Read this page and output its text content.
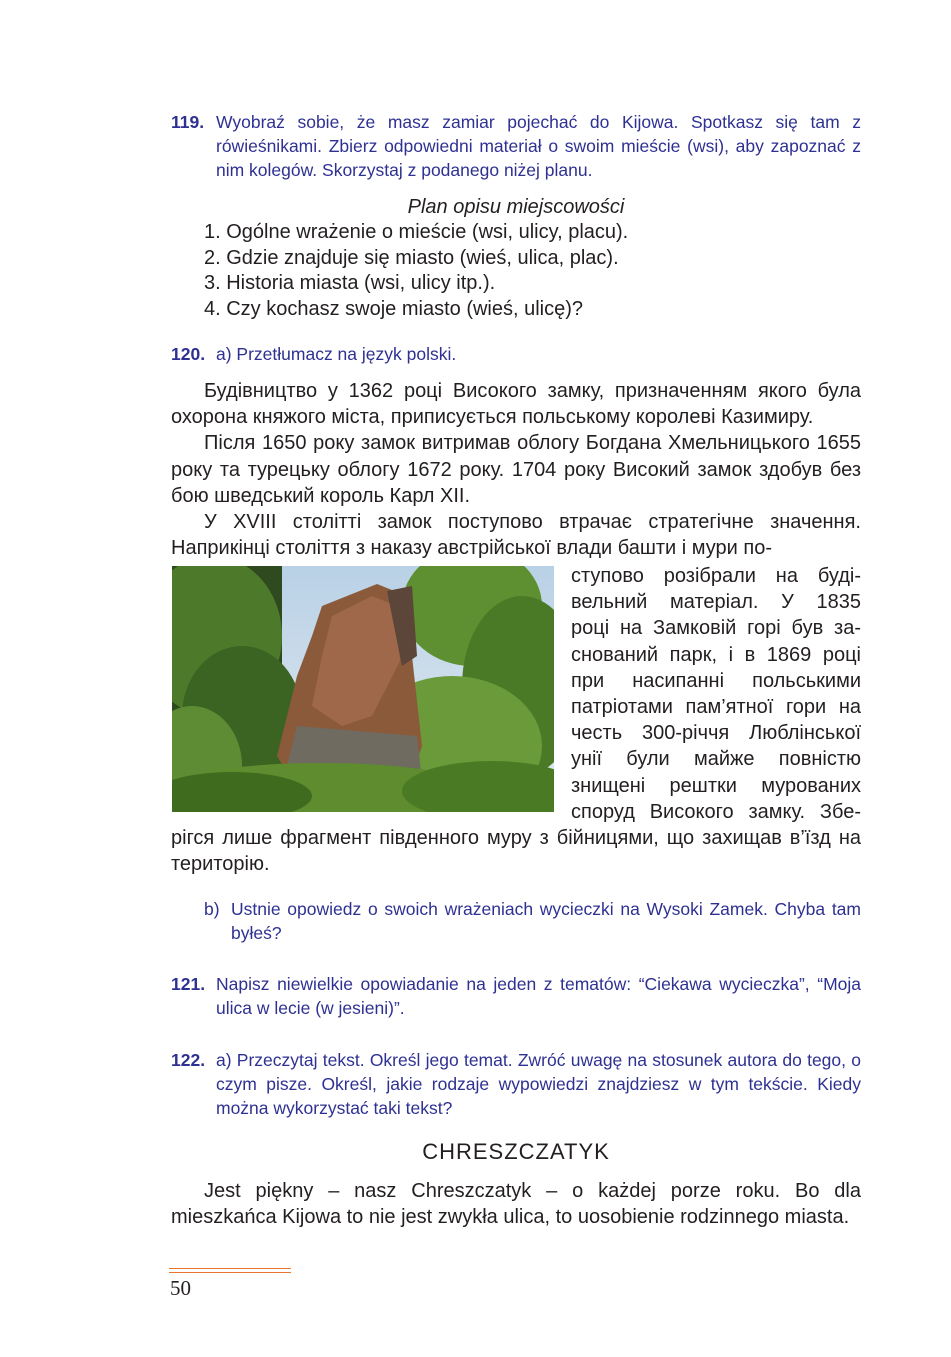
119. Wyobraź sobie, że masz zamiar pojechać do Kijowa. Spotkasz się tam z rówieśnikami. Zbierz odpowiedni materiał o swoim mieście (wsi), aby zapoznać z nim kolegów. Skorzystaj z podanego niżej planu.
Plan opisu miejscowości
1. Ogólne wrażenie o mieście (wsi, ulicy, placu).
2. Gdzie znajduje się miasto (wieś, ulica, plac).
3. Historia miasta (wsi, ulicy itp.).
4. Czy kochasz swoje miasto (wieś, ulicę)?
120. a) Przetłumacz na język polski.

Будівництво у 1362 році Високого замку, призначенням якого була охорона княжого міста, приписується польському королеві Казимиру.

Після 1650 року замок витримав облогу Богдана Хмельницького 1655 року та турецьку облогу 1672 року. 1704 року Високий замок здобув без бою шведський король Карл ХІІ.

У XVIII столітті замок поступово втрачає стратегічне значення. Наприкінці століття з наказу австрійської влади башти і мури по-

ступово розібрали на буді-
вельний матеріал. У 1835
році на Замковій горі був за-
снований парк, і в 1869 році
при насипанні польськими
патріотами пам’ятної гори на
честь 300-річчя Люблінської
унії були майже повністю
знищені рештки мурованих
споруд Високого замку. Збе-

рігся лише фрагмент південного муру з бійницями, що захищав в’їзд на територію.

b) Ustnie opowiedz o swoich wrażeniach wycieczki na Wysoki Zamek. Chyba tam byłeś?
121. Napisz niewielkie opowiadanie na jeden z tematów: “Ciekawa wycieczka”, “Moja ulica w lecie (w jesieni)”.
122. a) Przeczytaj tekst. Określ jego temat. Zwróć uwagę na stosunek autora do tego, o czym pisze. Określ, jakie rodzaje wypowiedzi znajdziesz w tym tekście. Kiedy można wykorzystać taki tekst?
CHRESZCZATYK

Jest piękny – nasz Chreszczatyk – o każdej porze roku. Bo dla mieszkańca Kijowa to nie jest zwykła ulica, to uosobienie rodzinnego miasta.

50
